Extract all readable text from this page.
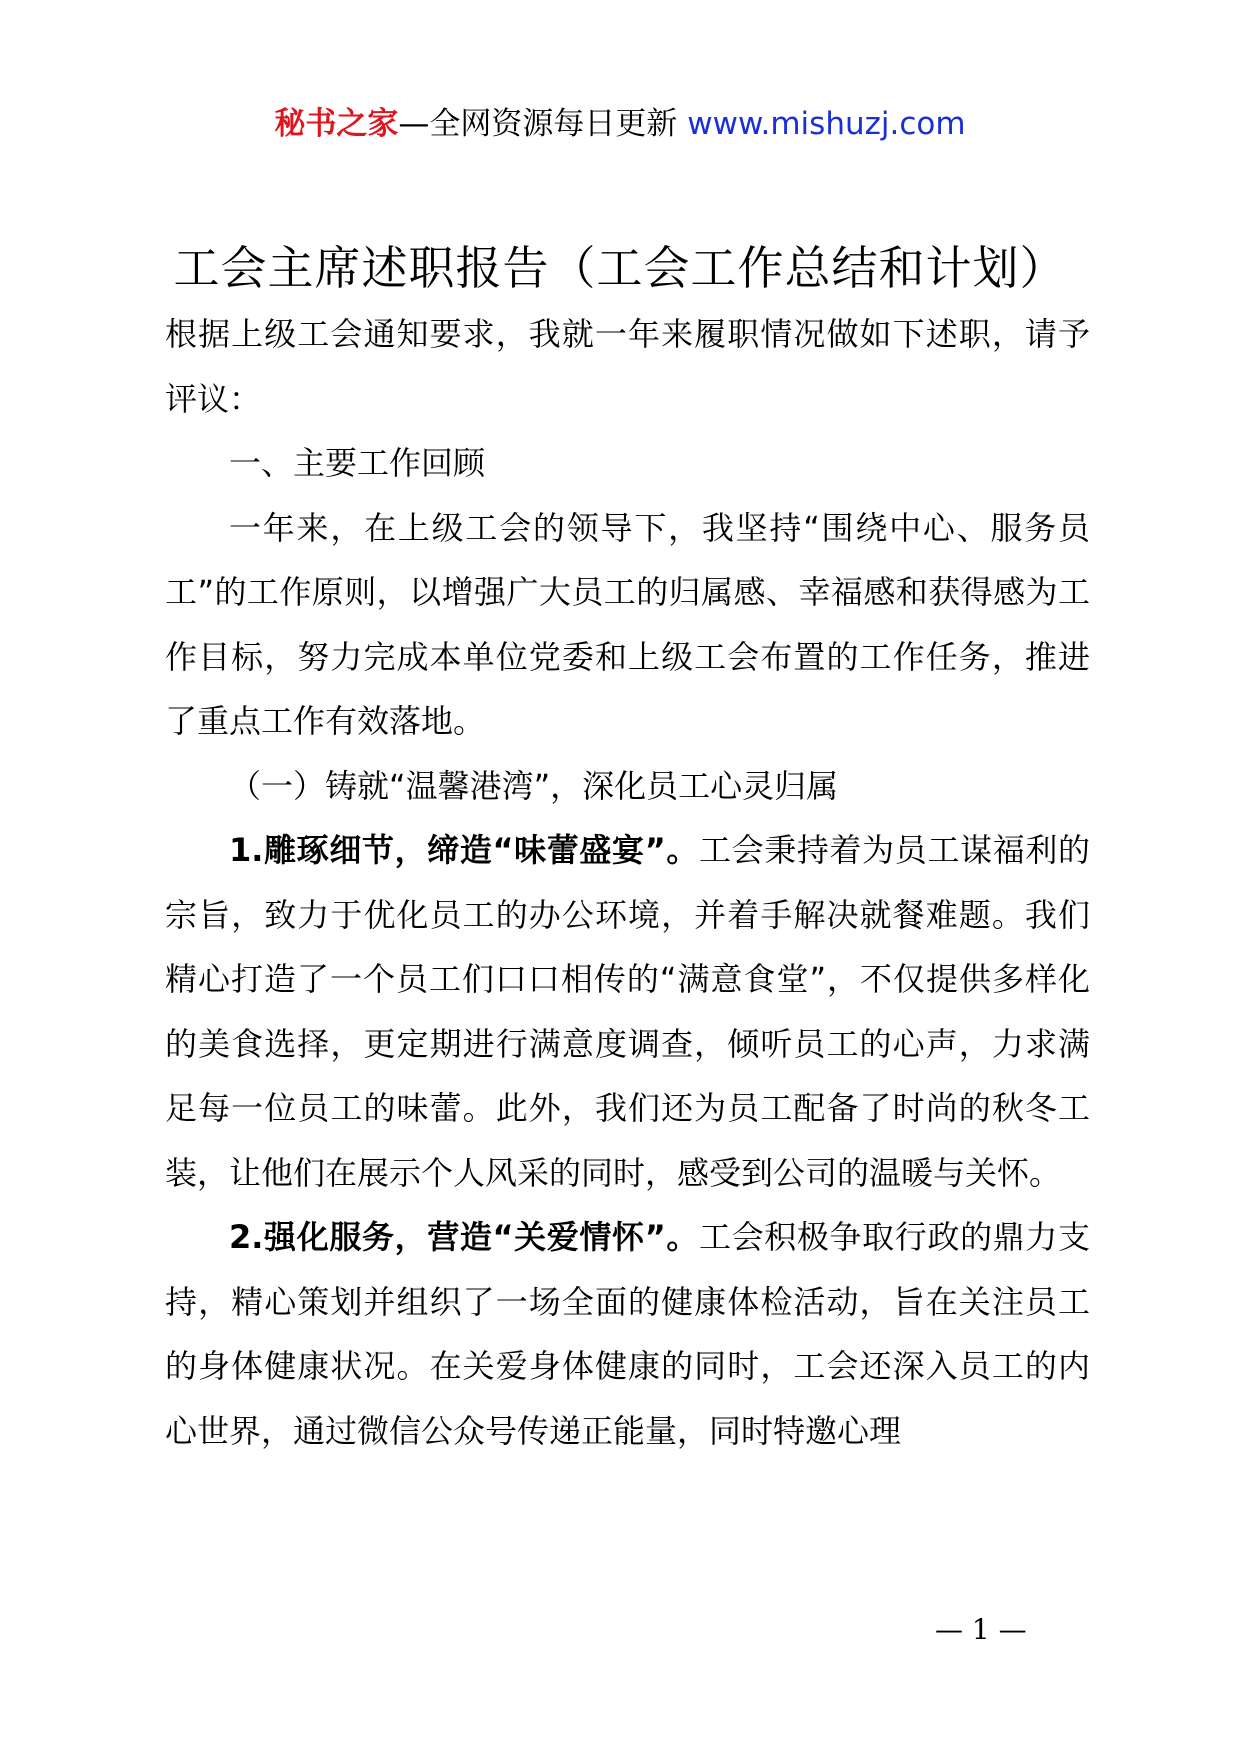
秘书之家—全网资源每日更新 www.mishuzj.com
工会主席述职报告（工会工作总结和计划）

根据上级工会通知要求，我就一年来履职情况做如下述职，请予评议：

一、主要工作回顾

一年来，在上级工会的领导下，我坚持“围绕中心、服务员工”的工作原则，以增强广大员工的归属感、幸福感和获得感为工作目标，努力完成本单位党委和上级工会布置的工作任务，推进了重点工作有效落地。

（一）铸就“温馨港湾”，深化员工心灵归属

1.雕琢细节，缔造“味蕾盛宴”。工会秉持着为员工谋福利的宗旨，致力于优化员工的办公环境，并着手解决就餐难题。我们精心打造了一个员工们口口相传的“满意食堂”，不仅提供多样化的美食选择，更定期进行满意度调查，倾听员工的心声，力求满足每一位员工的味蕾。此外，我们还为员工配备了时尚的秋冬工装，让他们在展示个人风采的同时，感受到公司的温暖与关怀。

2.强化服务，营造“关爱情怀”。工会积极争取行政的鼎力支持，精心策划并组织了一场全面的健康体检活动，旨在关注员工的身体健康状况。在关爱身体健康的同时，工会还深入员工的内心世界，通过微信公众号传递正能量，同时特邀心理

— 1 —
